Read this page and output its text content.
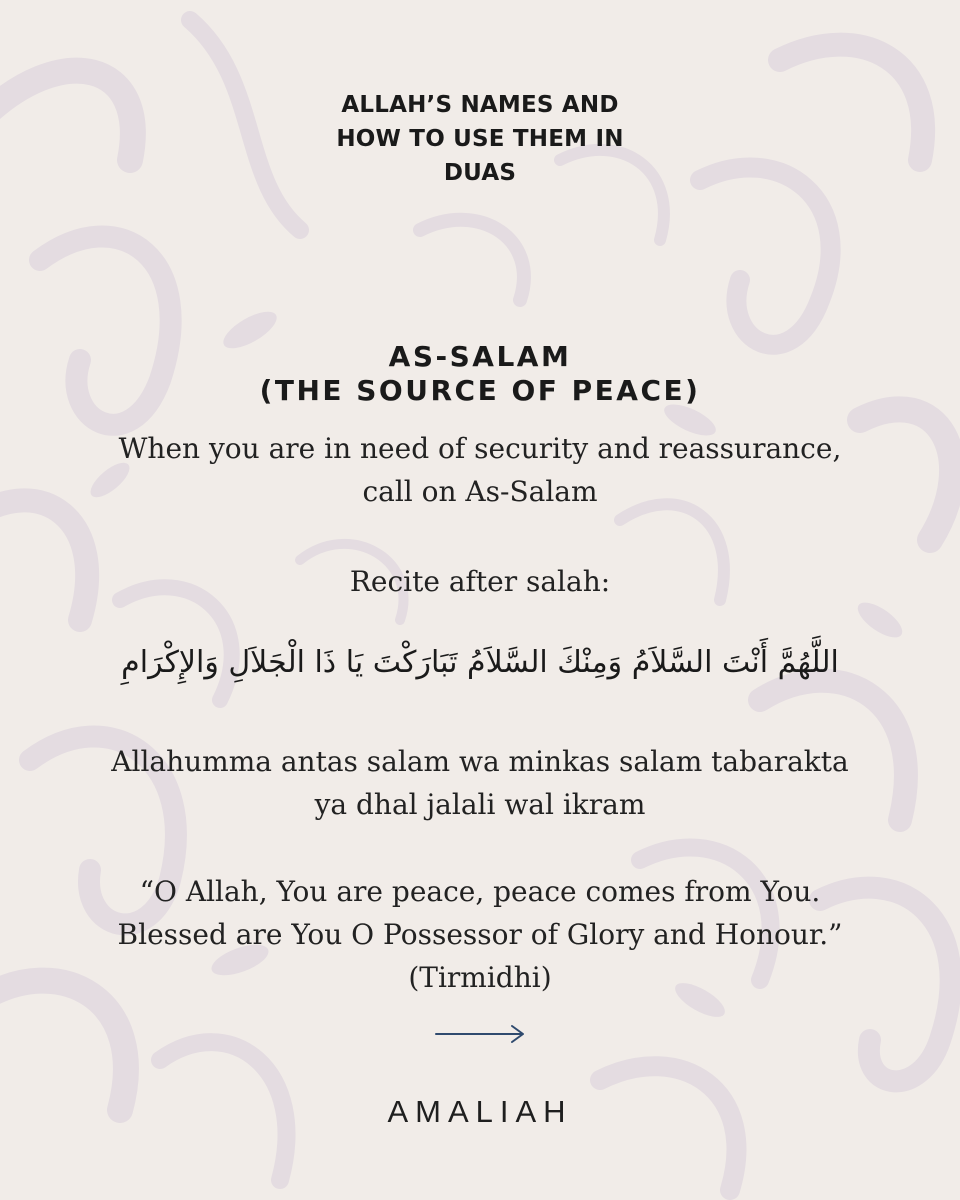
ALLAH’S NAMES AND
HOW TO USE THEM IN
DUAS
AS-SALAM
(THE SOURCE OF PEACE)
When you are in need of security and reassurance,
call on As-Salam
Recite after salah:
اللَّهُمَّ أَنْتَ السَّلاَمُ وَمِنْكَ السَّلاَمُ تَبَارَكْتَ يَا ذَا الْجَلاَلِ وَالإِكْرَامِ
Allahumma antas salam wa minkas salam tabarakta
ya dhal jalali wal ikram
“O Allah, You are peace, peace comes from You.
Blessed are You O Possessor of Glory and Honour.”
(Tirmidhi)
AMALIAH
